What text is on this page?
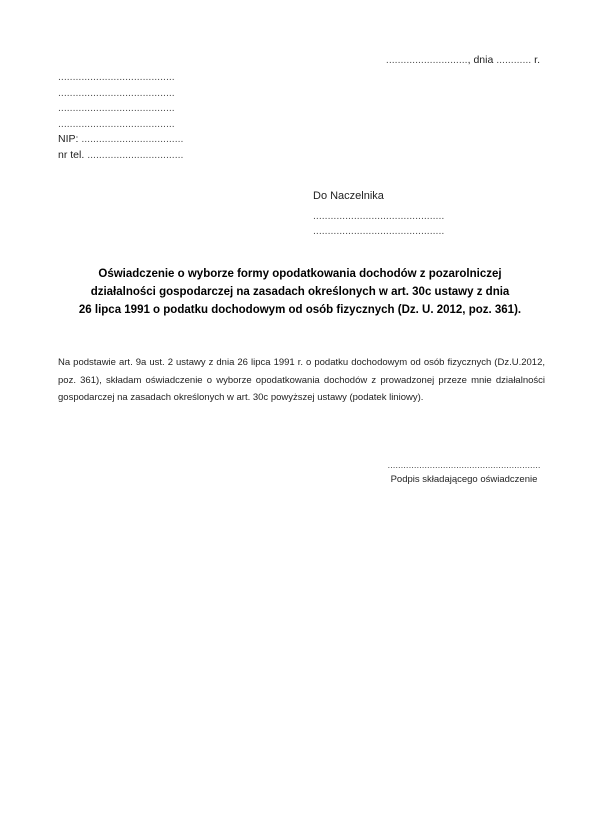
............................, dnia ............ r.
........................................
........................................
........................................
........................................
NIP: ...................................
nr tel. .................................
Do Naczelnika
.............................................
.............................................
Oświadczenie o wyborze formy opodatkowania dochodów z pozarolniczej
działalności gospodarczej na zasadach określonych w art. 30c ustawy z dnia
26 lipca 1991 o podatku dochodowym od osób fizycznych (Dz. U. 2012, poz. 361).
Na podstawie art. 9a ust. 2 ustawy z dnia 26 lipca 1991 r. o podatku dochodowym od osób fizycznych (Dz.U.2012,
poz. 361), składam oświadczenie o wyborze opodatkowania dochodów z prowadzonej przeze mnie działalności
gospodarczej na zasadach określonych w art. 30c powyższej ustawy (podatek liniowy).
..........................................................
Podpis składającego oświadczenie
